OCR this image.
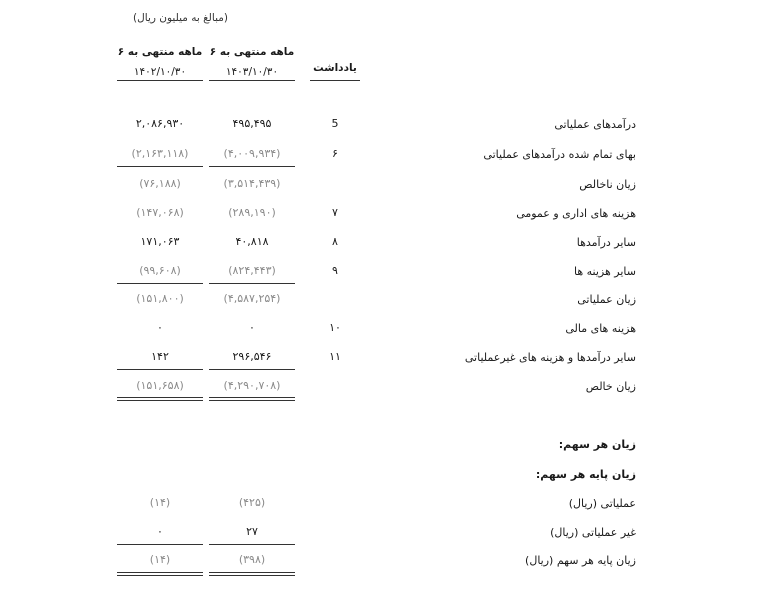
(مبالغ به میلیون ریال)
۶ ماهه منتهی به
۱۴۰۳/۱۰/۳۰
۶ ماهه منتهی به
۱۴۰۲/۱۰/۳۰	یادداشت
درآمدهای عملیاتی
5
۴۹۵,۴۹۵
۲,۰۸۶,۹۳۰
بهای تمام شده درآمدهای عملیاتی
۶
(۴,۰۰۹,۹۳۴)
(۲,۱۶۳,۱۱۸)
زیان ناخالص
(۳,۵۱۴,۴۳۹)
(۷۶,۱۸۸)
هزینه های اداری و عمومی
۷
(۲۸۹,۱۹۰)
(۱۴۷,۰۶۸)
سایر درآمدها
۸
۴۰,۸۱۸
۱۷۱,۰۶۳
سایر هزینه ها
۹
(۸۲۴,۴۴۳)
(۹۹,۶۰۸)
زیان عملیاتی
(۴,۵۸۷,۲۵۴)
(۱۵۱,۸۰۰)
هزینه های مالی
۱۰
۰
۰
سایر درآمدها و هزینه های غیرعملیاتی
۱۱
۲۹۶,۵۴۶
۱۴۲
زیان خالص
(۴,۲۹۰,۷۰۸)
(۱۵۱,۶۵۸)
زیان هر سهم:
زیان پایه هر سهم:
عملیاتی (ریال)
(۴۲۵)
(۱۴)
غیر عملیاتی (ریال)
۲۷
۰
زیان پایه هر سهم (ریال)
(۳۹۸)
(۱۴)
